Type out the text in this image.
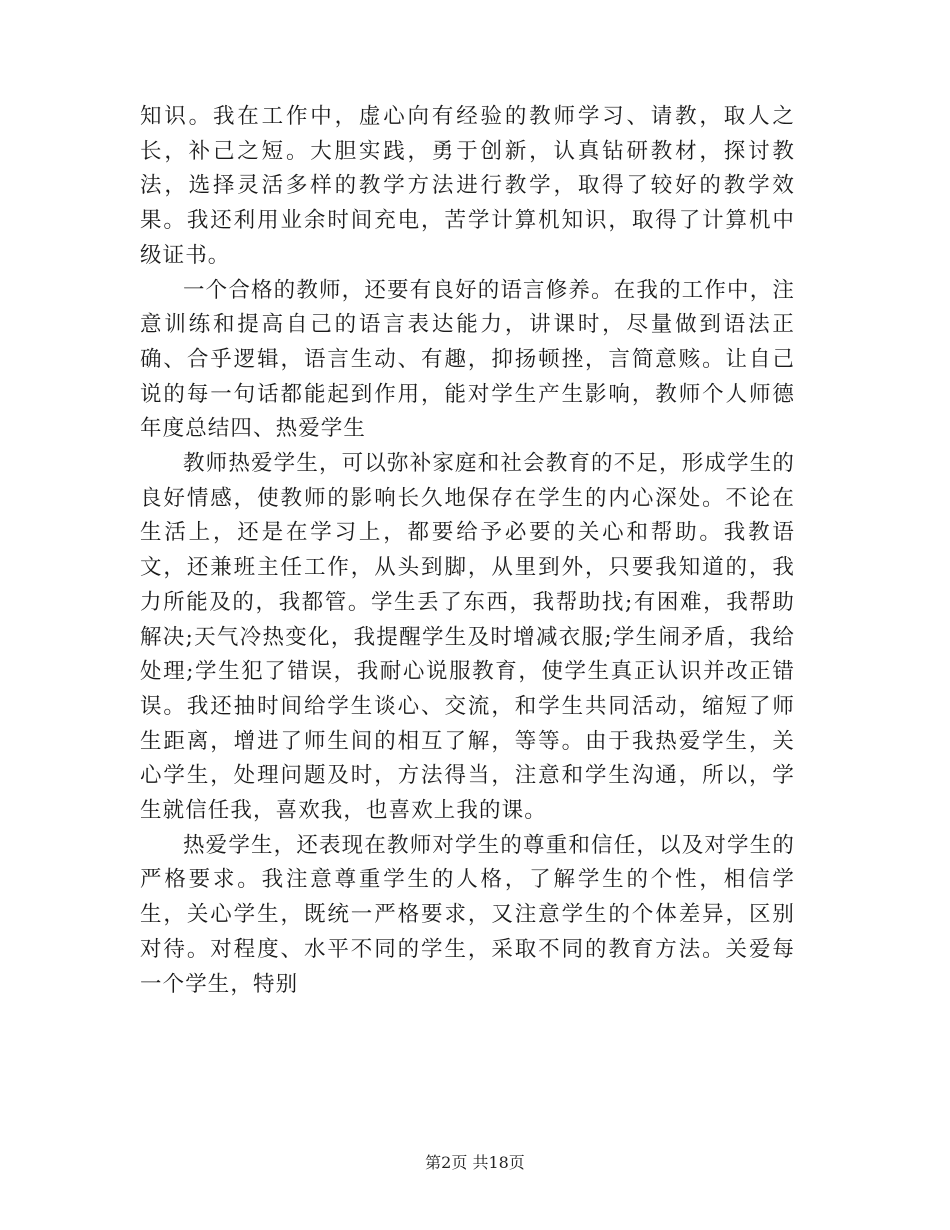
知识。我在工作中，虚心向有经验的教师学习、请教，取人之长，补己之短。大胆实践，勇于创新，认真钻研教材，探讨教法，选择灵活多样的教学方法进行教学，取得了较好的教学效果。我还利用业余时间充电，苦学计算机知识，取得了计算机中级证书。

一个合格的教师，还要有良好的语言修养。在我的工作中，注意训练和提高自己的语言表达能力，讲课时，尽量做到语法正确、合乎逻辑，语言生动、有趣，抑扬顿挫，言简意赅。让自己说的每一句话都能起到作用，能对学生产生影响，教师个人师德年度总结四、热爱学生

教师热爱学生，可以弥补家庭和社会教育的不足，形成学生的良好情感，使教师的影响长久地保存在学生的内心深处。不论在生活上，还是在学习上，都要给予必要的关心和帮助。我教语文，还兼班主任工作，从头到脚，从里到外，只要我知道的，我力所能及的，我都管。学生丢了东西，我帮助找;有困难，我帮助解决;天气冷热变化，我提醒学生及时增减衣服;学生闹矛盾，我给处理;学生犯了错误，我耐心说服教育，使学生真正认识并改正错误。我还抽时间给学生谈心、交流，和学生共同活动，缩短了师生距离，增进了师生间的相互了解，等等。由于我热爱学生，关心学生，处理问题及时，方法得当，注意和学生沟通，所以，学生就信任我，喜欢我，也喜欢上我的课。

热爱学生，还表现在教师对学生的尊重和信任，以及对学生的严格要求。我注意尊重学生的人格，了解学生的个性，相信学生，关心学生，既统一严格要求，又注意学生的个体差异，区别对待。对程度、水平不同的学生，采取不同的教育方法。关爱每一个学生，特别

第2页 共18页
